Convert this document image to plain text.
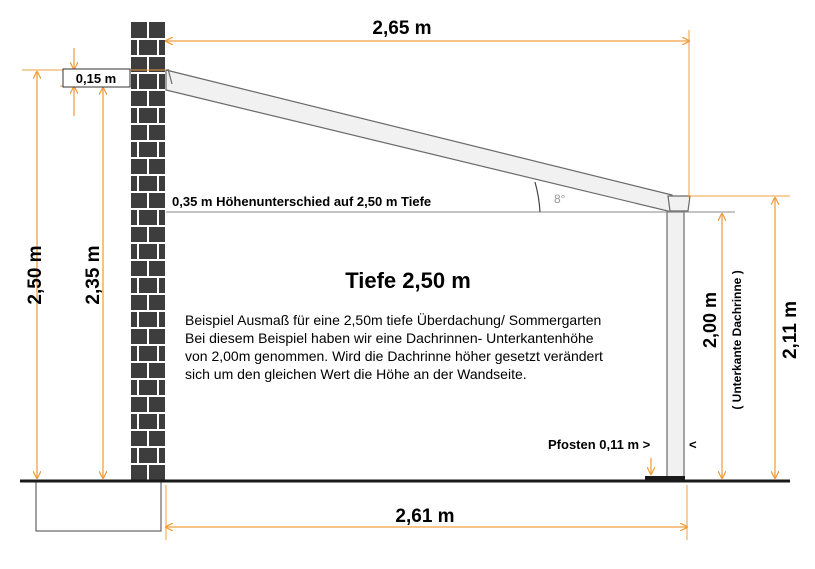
8°
2,65 m
2,61 m
0,15 m
2,50 m 2,35 m
2,00 m ( Unterkante Dachrinne ) 2,11 m
0,35 m Höhenunterschied auf 2,50 m Tiefe
Tiefe 2,50 m
Beispiel Ausmaß für eine 2,50m tiefe Überdachung/ Sommergarten
Bei diesem Beispiel haben wir eine Dachrinnen- Unterkantenhöhe
von 2,00m genommen. Wird die Dachrinne höher gesetzt verändert
sich um den gleichen Wert die Höhe an der Wandseite.
Pfosten 0,11 m >	<
